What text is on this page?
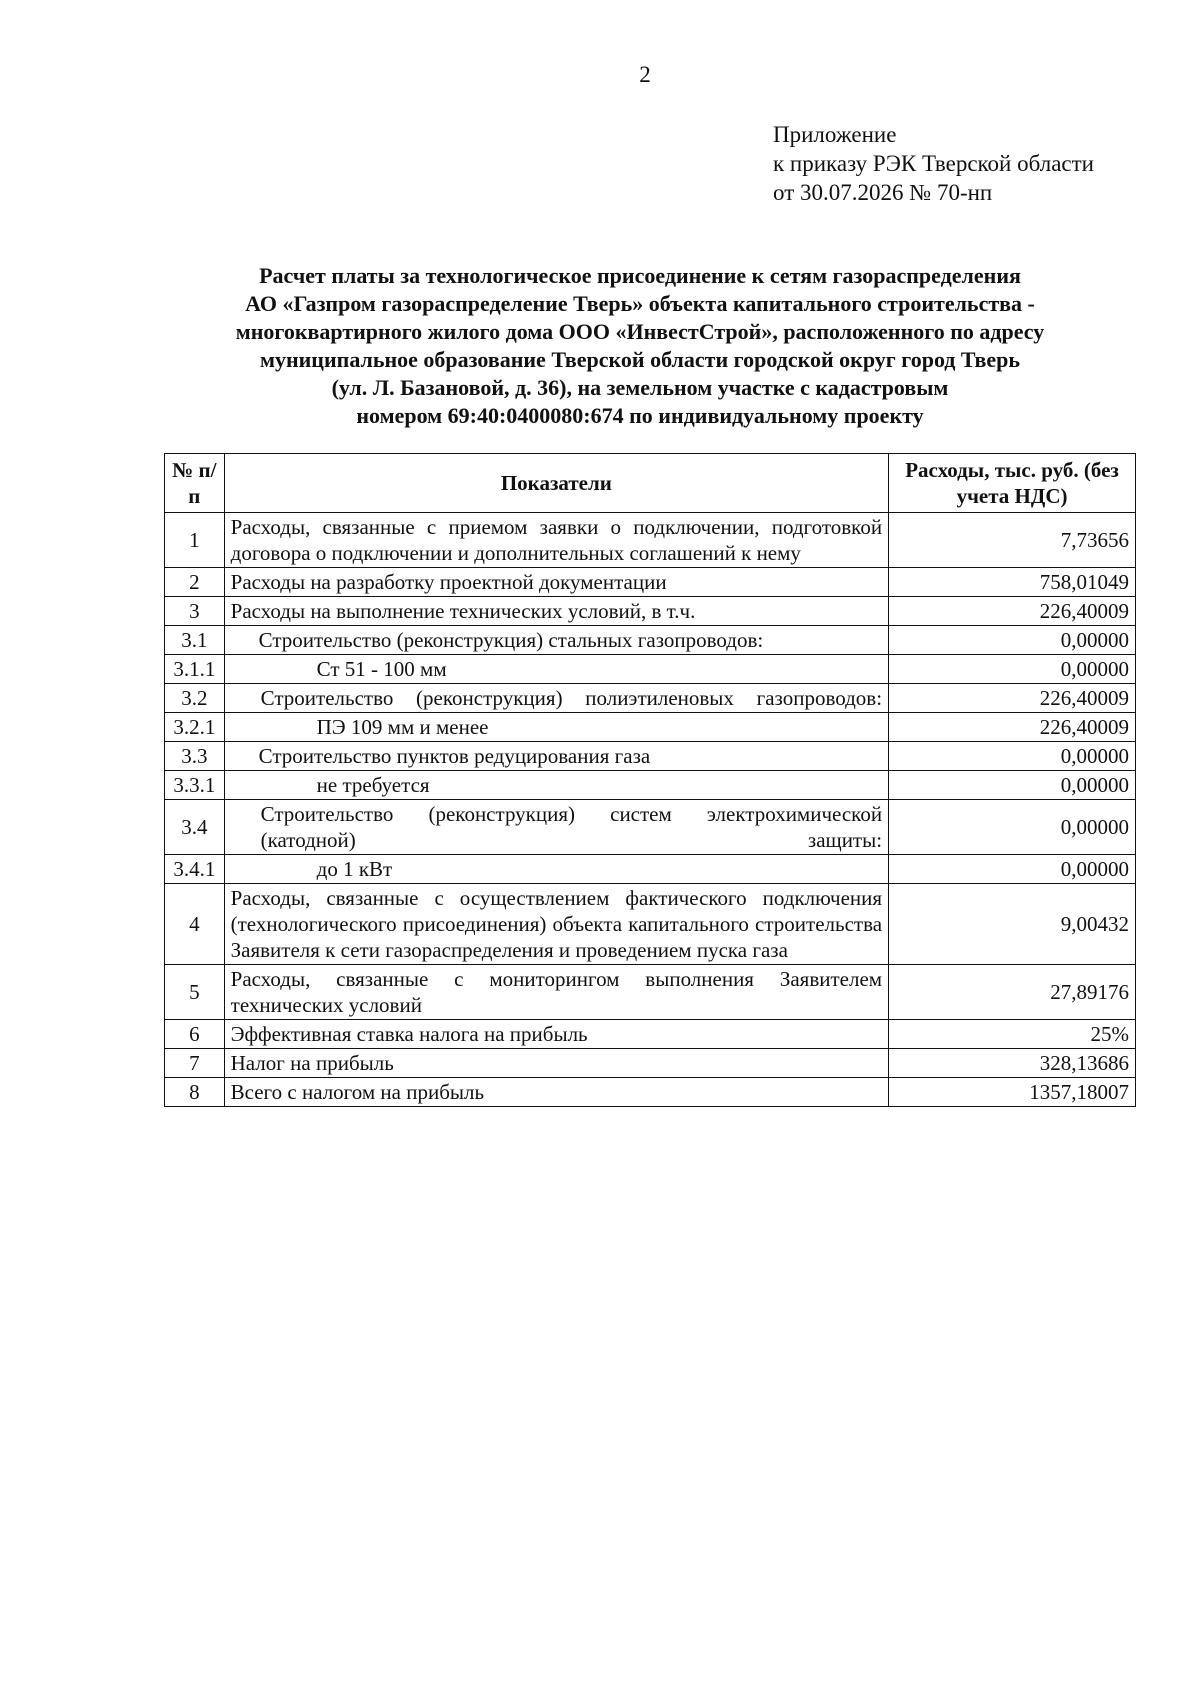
2
Приложение
к приказу РЭК Тверской области
от 30.07.2026 № 70-нп
Расчет платы за технологическое присоединение к сетям газораспределения
АО «Газпром газораспределение Тверь» объекта капитального строительства -
многоквартирного жилого дома ООО «ИнвестСтрой», расположенного по адресу
муниципальное образование Тверской области городской округ город Тверь
(ул. Л. Базановой, д. 36), на земельном участке с кадастровым
номером 69:40:0400080:674 по индивидуальному проекту
№ п/п	Показатели	Расходы, тыс. руб. (без учета НДС)
1	Расходы, связанные с приемом заявки о подключении, подготовкой договора о подключении и дополнительных соглашений к нему	7,73656
2	Расходы на разработку проектной документации	758,01049
3	Расходы на выполнение технических условий, в т.ч.	226,40009
3.1	Строительство (реконструкция) стальных газопроводов:	0,00000
3.1.1	Ст 51 - 100 мм	0,00000
3.2	Строительство (реконструкция) полиэтиленовых газопроводов:	226,40009
3.2.1	ПЭ 109 мм и менее	226,40009
3.3	Строительство пунктов редуцирования газа	0,00000
3.3.1	не требуется	0,00000
3.4	Строительство (реконструкция) систем электрохимической (катодной) защиты:	0,00000
3.4.1	до 1 кВт	0,00000
4	Расходы, связанные с осуществлением фактического подключения (технологического присоединения) объекта капитального строительства Заявителя к сети газораспределения и проведением пуска газа	9,00432
5	Расходы, связанные с мониторингом выполнения Заявителем технических условий	27,89176
6	Эффективная ставка налога на прибыль	25%
7	Налог на прибыль	328,13686
8	Всего с налогом на прибыль	1357,18007
